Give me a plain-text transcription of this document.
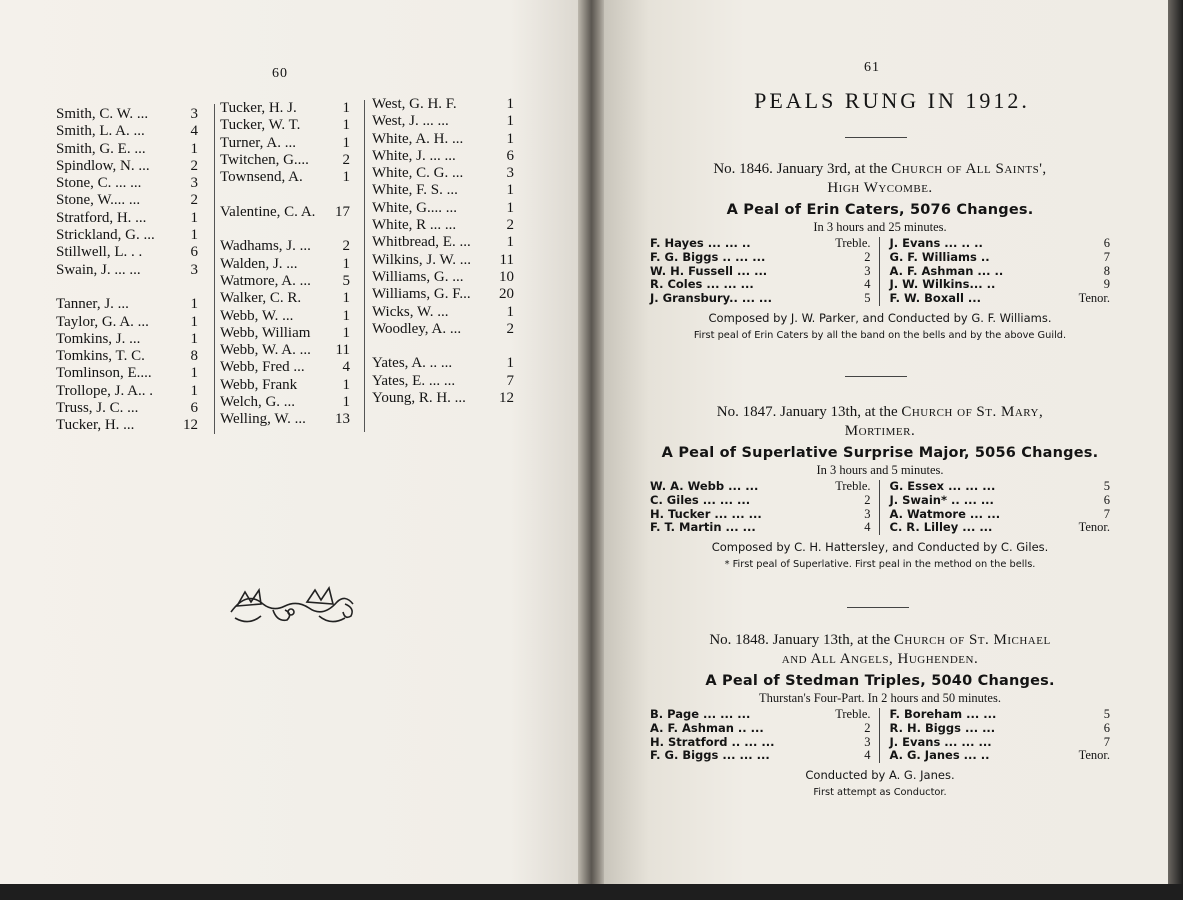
60
Smith, C. W. ...	3
Smith, L. A. ...	4
Smith, G. E. ...	1
Spindlow, N. ...	2
Stone, C. ... ...	3
Stone, W.... ...	2
Stratford, H. ...	1
Strickland, G. ...	1
Stillwell, L. . .	6
Swain, J. ... ...	3
Tanner, J. ...	1
Taylor, G. A. ...	1
Tomkins, J. ...	1
Tomkins, T. C.	8
Tomlinson, E....	1
Trollope, J. A.. .	1
Truss, J. C. ...	6
Tucker, H. ...	12
Tucker, H. J.	1
Tucker, W. T.	1
Turner, A. ...	1
Twitchen, G....	2
Townsend, A.	1
Valentine, C. A.	17
Wadhams, J. ...	2
Walden, J. ...	1
Watmore, A. ...	5
Walker, C. R.	1
Webb, W. ...	1
Webb, William	1
Webb, W. A. ...	11
Webb, Fred ...	4
Webb, Frank	1
Welch, G. ...	1
Welling, W. ...	13
West, G. H. F.	1
West, J. ... ...	1
White, A. H. ...	1
White, J. ... ...	6
White, C. G. ...	3
White, F. S. ...	1
White, G.... ...	1
White, R ... ...	2
Whitbread, E. ...	1
Wilkins, J. W. ...	11
Williams, G. ...	10
Williams, G. F...	20
Wicks, W. ...	1
Woodley, A. ...	2
Yates, A. .. ...	1
Yates, E. ... ...	7
Young, R. H. ...	12
61
PEALS RUNG IN 1912.
No. 1846. January 3rd, at the Church of All Saints',
High Wycombe.
A Peal of Erin Caters, 5076 Changes.
In 3 hours and 25 minutes.
F. Hayes ... ... ..	Treble.
F. G. Biggs .. ... ...	2
W. H. Fussell ... ...	3
R. Coles ... ... ...	4
J. Gransbury.. ... ...	5
J. Evans ... .. ..	6
G. F. Williams ..	7
A. F. Ashman ... ..	8
J. W. Wilkins... ..	9
F. W. Boxall ...	Tenor.
Composed by J. W. Parker, and Conducted by G. F. Williams.
First peal of Erin Caters by all the band on the bells and by the above Guild.
No. 1847. January 13th, at the Church of St. Mary,
Mortimer.
A Peal of Superlative Surprise Major, 5056 Changes.
In 3 hours and 5 minutes.
W. A. Webb ... ...	Treble.
C. Giles ... ... ...	2
H. Tucker ... ... ...	3
F. T. Martin ... ...	4
G. Essex ... ... ...	5
J. Swain* .. ... ...	6
A. Watmore ... ...	7
C. R. Lilley ... ...	Tenor.
Composed by C. H. Hattersley, and Conducted by C. Giles.
* First peal of Superlative. First peal in the method on the bells.
No. 1848. January 13th, at the Church of St. Michael
and All Angels, Hughenden.
A Peal of Stedman Triples, 5040 Changes.
Thurstan's Four-Part. In 2 hours and 50 minutes.
B. Page ... ... ...	Treble.
A. F. Ashman .. ...	2
H. Stratford .. ... ...	3
F. G. Biggs ... ... ...	4
F. Boreham ... ...	5
R. H. Biggs ... ...	6
J. Evans ... ... ...	7
A. G. Janes ... ..	Tenor.
Conducted by A. G. Janes.
First attempt as Conductor.
